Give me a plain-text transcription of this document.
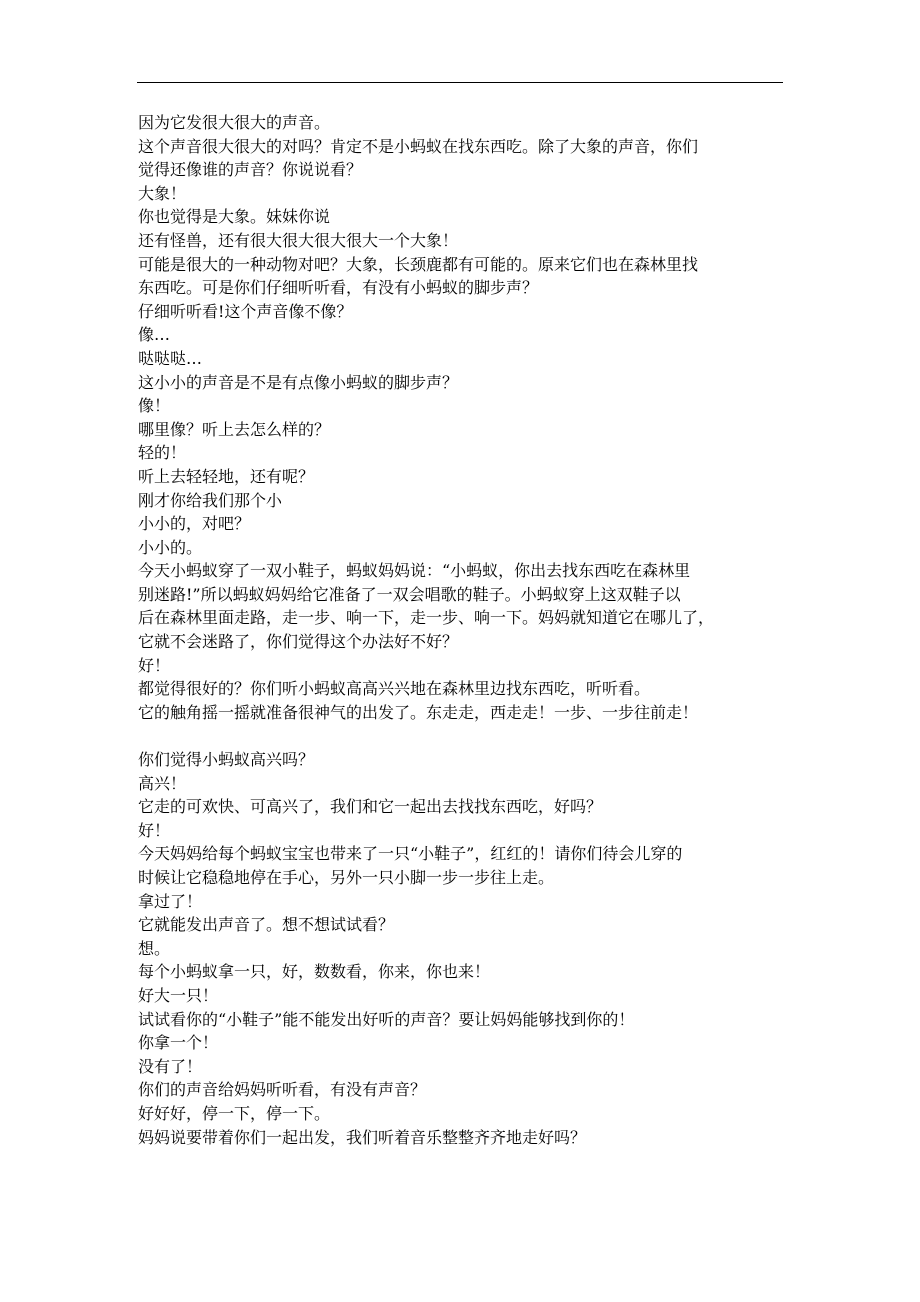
因为它发很大很大的声音。
这个声音很大很大的对吗？肯定不是小蚂蚁在找东西吃。除了大象的声音，你们
觉得还像谁的声音？你说说看？
大象！
你也觉得是大象。妹妹你说
还有怪兽，还有很大很大很大很大一个大象！
可能是很大的一种动物对吧？大象，长颈鹿都有可能的。原来它们也在森林里找
东西吃。可是你们仔细听听看，有没有小蚂蚁的脚步声？
仔细听听看!这个声音像不像？
像…
哒哒哒…
这小小的声音是不是有点像小蚂蚁的脚步声？
像！
哪里像？听上去怎么样的？
轻的！
听上去轻轻地，还有呢？
刚才你给我们那个小
小小的，对吧？
小小的。
今天小蚂蚁穿了一双小鞋子，蚂蚁妈妈说：“小蚂蚁，你出去找东西吃在森林里
别迷路!”所以蚂蚁妈妈给它准备了一双会唱歌的鞋子。小蚂蚁穿上这双鞋子以
后在森林里面走路，走一步、响一下，走一步、响一下。妈妈就知道它在哪儿了，
它就不会迷路了，你们觉得这个办法好不好？
好！
都觉得很好的？你们听小蚂蚁高高兴兴地在森林里边找东西吃，听听看。
它的触角摇一摇就准备很神气的出发了。东走走，西走走！一步、一步往前走！
你们觉得小蚂蚁高兴吗？
高兴！
它走的可欢快、可高兴了，我们和它一起出去找找东西吃，好吗？
好！
今天妈妈给每个蚂蚁宝宝也带来了一只“小鞋子”，红红的！请你们待会儿穿的
时候让它稳稳地停在手心，另外一只小脚一步一步往上走。
拿过了！
它就能发出声音了。想不想试试看？
想。
每个小蚂蚁拿一只，好，数数看，你来，你也来！
好大一只！
试试看你的“小鞋子”能不能发出好听的声音？要让妈妈能够找到你的！
你拿一个！
没有了！
你们的声音给妈妈听听看，有没有声音？
好好好，停一下，停一下。
妈妈说要带着你们一起出发，我们听着音乐整整齐齐地走好吗？
